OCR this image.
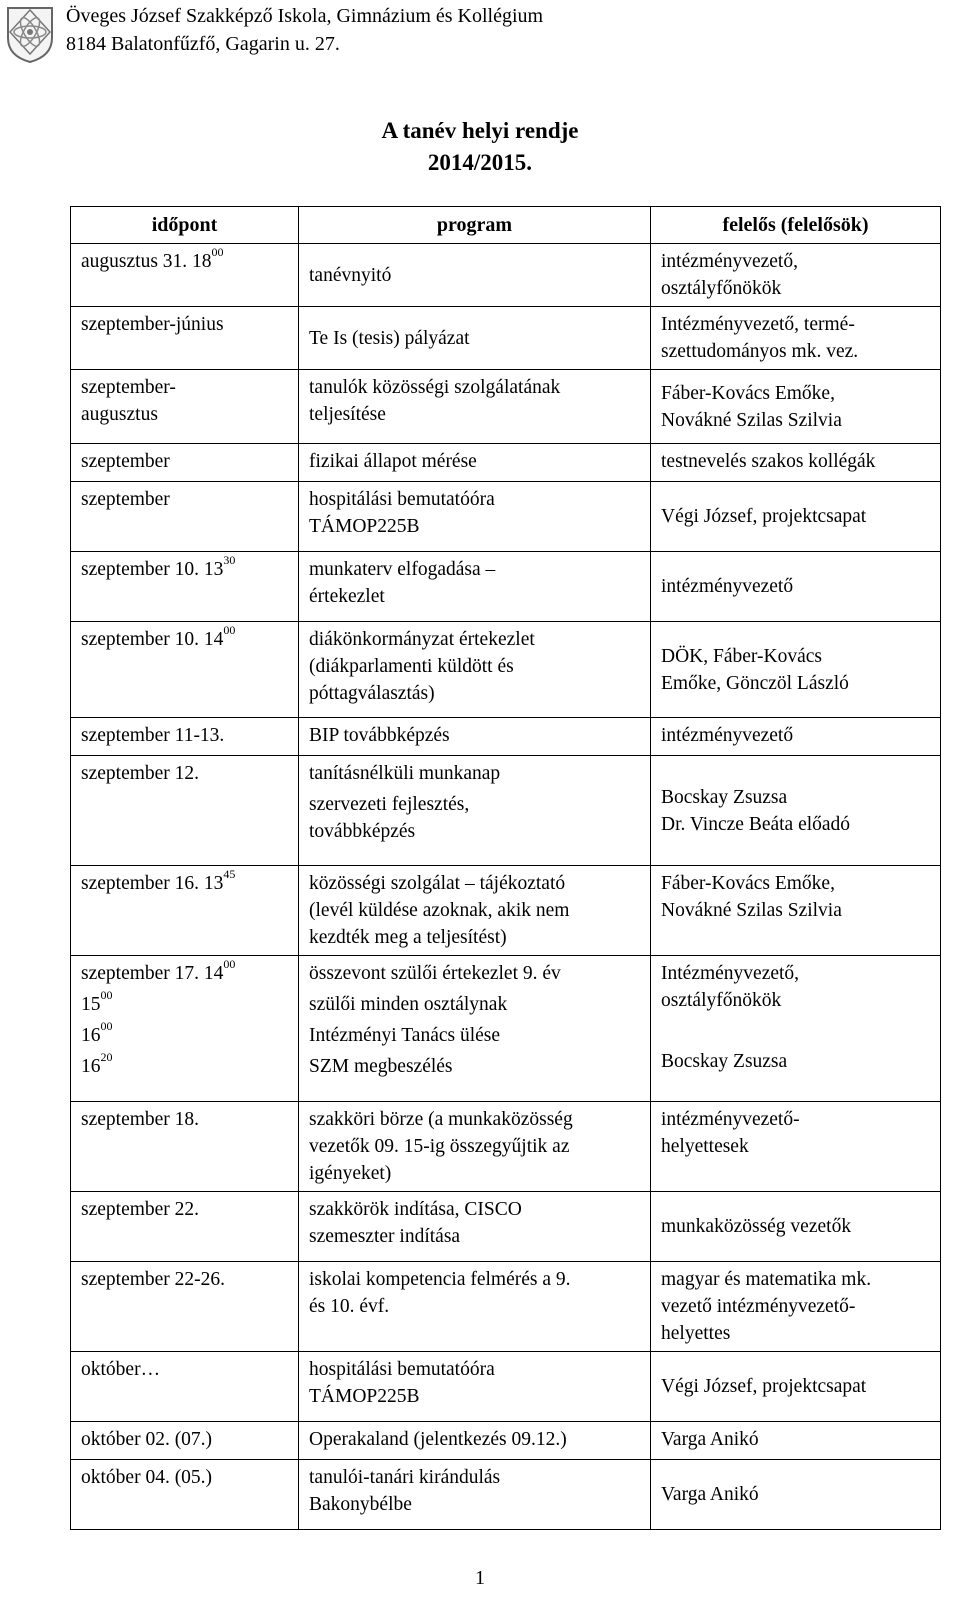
Öveges József Szakképző Iskola, Gimnázium és Kollégium
8184 Balatonfűzfő, Gagarin u. 27.
A tanév helyi rendje
2014/2015.
időpont	program	felelős (felelősök)
augusztus 31. $18^{00}$	tanévnyitó	intézményvezető,
osztályfőnökök

szeptember-június	Te Is (tesis) pályázat	Intézményvezető, termé-
szettudományos mk. vez.

szeptember-
augusztus	tanulók közösségi szolgálatának
teljesítése	Fáber-Kovács Emőke,
Novákné Szilas Szilvia

szeptember	fizikai állapot mérése	testnevelés szakos kollégák

szeptember	hospitálási bemutatóóra
TÁMOP225B	Végi József, projektcsapat

szeptember 10. $13^{30}$	munkaterv elfogadása –
értekezlet	intézményvezető

szeptember 10. $14^{00}$	diákönkormányzat értekezlet
(diákparlamenti küldött és
póttagválasztás)	DÖK, Fáber-Kovács
Emőke, Gönczöl László

szeptember 11-13.	BIP továbbképzés	intézményvezető

szeptember 12.	tanításnélküli munkanap
szervezeti fejlesztés,
továbbképzés	Bocskay Zsuzsa
Dr. Vincze Beáta előadó

szeptember 16. $13^{45}$	közösségi szolgálat – tájékoztató
(levél küldése azoknak, akik nem
kezdték meg a teljesítést)	Fáber-Kovács Emőke,
Novákné Szilas Szilvia

szeptember 17. $14^{00}$
$15^{00}$
$16^{00}$
$16^{20}$	összevont szülői értekezlet 9. év
szülői minden osztálynak
Intézményi Tanács ülése
SZM megbeszélés	Intézményvezető,
osztályfőnökök
Bocskay Zsuzsa

szeptember 18.	szakköri börze (a munkaközösség
vezetők 09. 15-ig összegyűjtik az
igényeket)	intézményvezető-
helyettesek

szeptember 22.	szakkörök indítása, CISCO
szemeszter indítása	munkaközösség vezetők

szeptember 22-26.	iskolai kompetencia felmérés a 9.
és 10. évf.	magyar és matematika mk.
vezető intézményvezető-
helyettes

október…	hospitálási bemutatóóra
TÁMOP225B	Végi József, projektcsapat

október 02. (07.)	Operakaland (jelentkezés 09.12.)	Varga Anikó

október 04. (05.)	tanulói-tanári kirándulás
Bakonybélbe	Varga Anikó
1
